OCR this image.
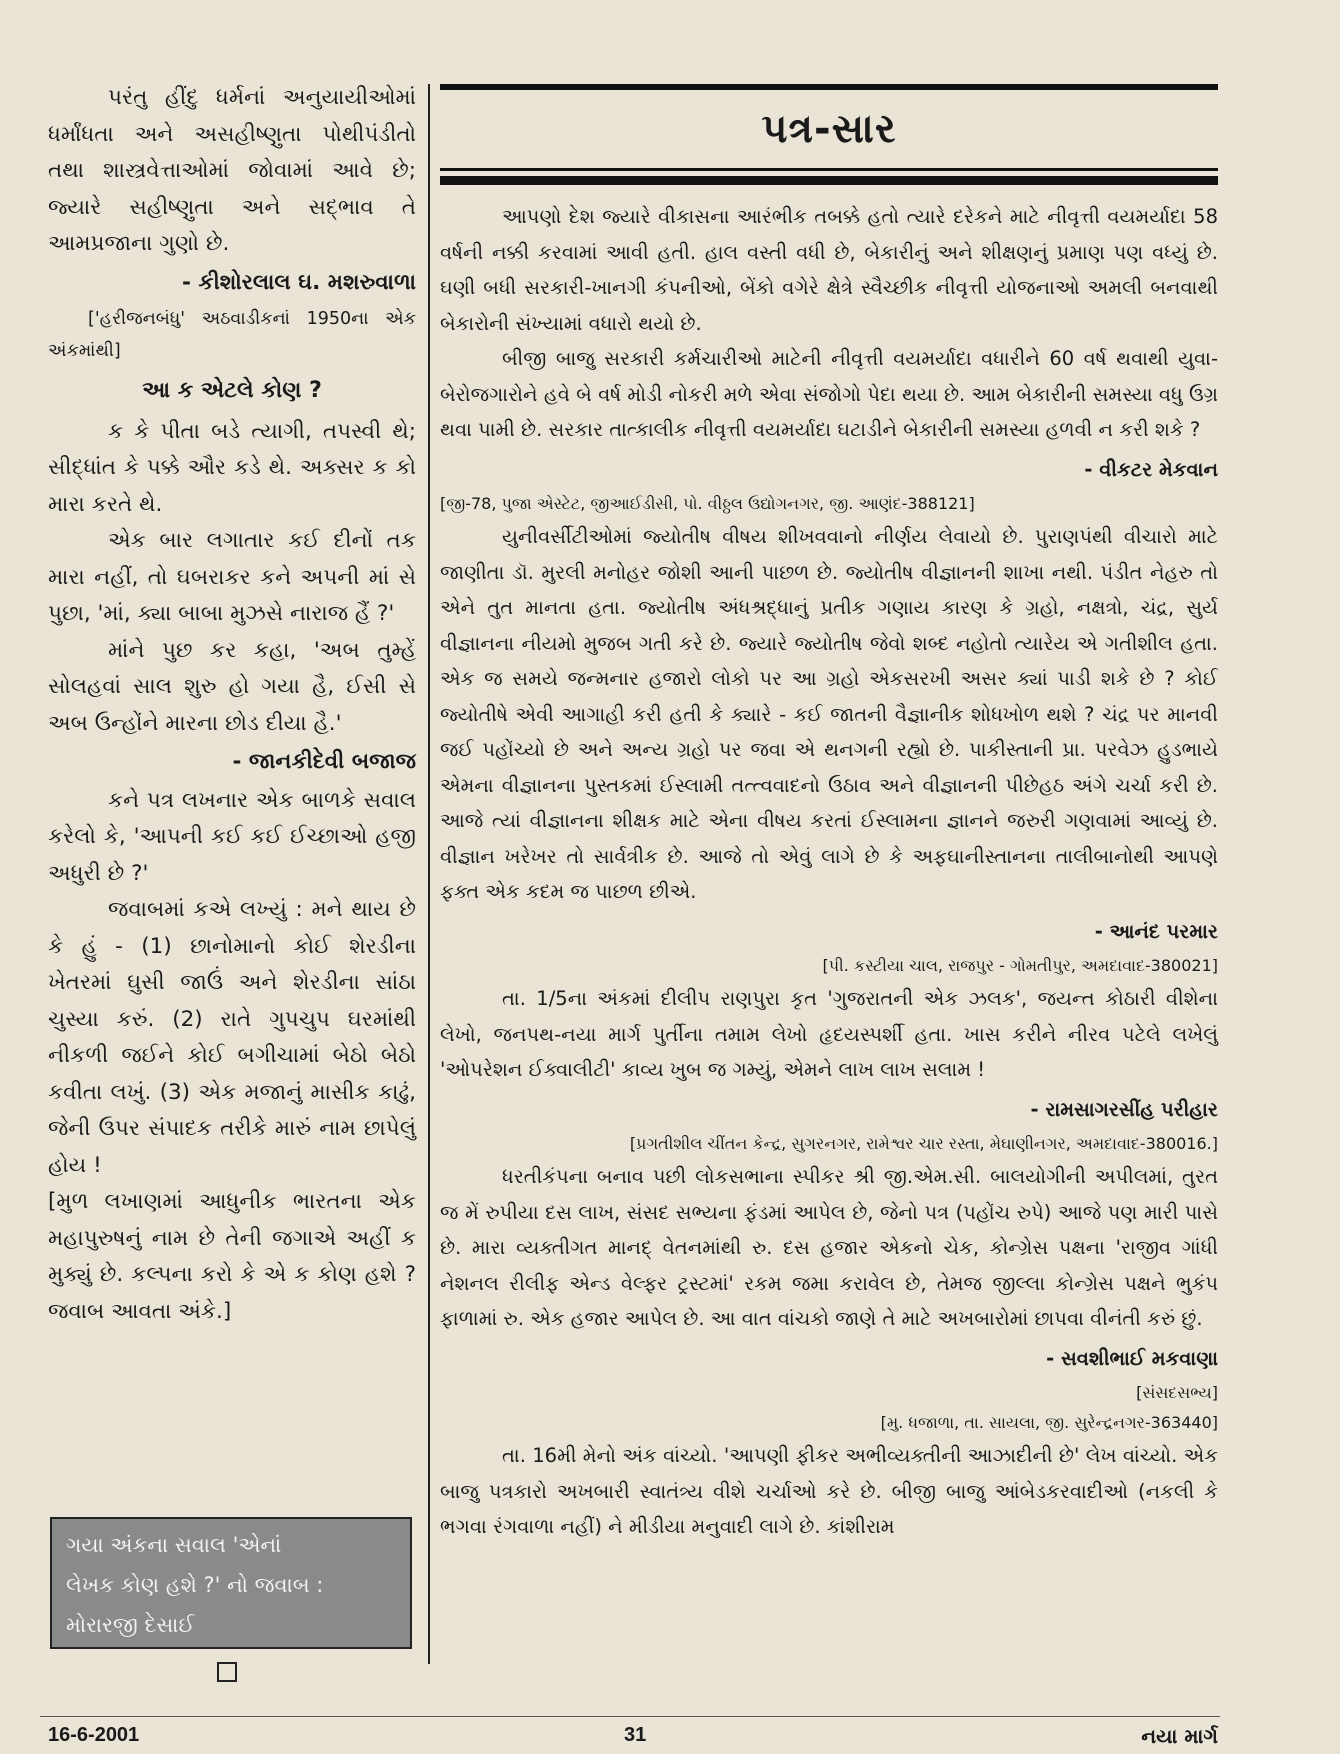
પરંતુ હીંદુ ધર્મનાં અનુયાયીઓમાં ધર્માંધતા અને અસહીષ્ણુતા પોથીપંડીતો તથા શાસ્ત્રવેત્તાઓમાં જોવામાં આવે છે; જ્યારે સહીષ્ણુતા અને સદ્ભાવ તે આમપ્રજાના ગુણો છે.

- કીશોરલાલ ઘ. મશરુવાળા

['હરીજનબંધુ' અઠવાડીકનાં 1950ના એક અંકમાંથી]

આ ક એટલે કોણ ?

ક કે પીતા બડે ત્યાગી, તપસ્વી થે; સીદ્ધાંત કે પક્કે ઔર કડે થે. અક્સર ક કો મારા કરતે થે.

એક બાર લગાતાર કઈ દીનોં તક મારા નહીં, તો ઘબરાકર કને અપની માં સે પુછા, 'માં, ક્યા બાબા મુઝસે નારાજ હૈં ?'

માંને પુછ કર કહા, 'અબ તુમ્હેં સોલહવાં સાલ શુરુ હો ગયા હૈ, ઈસી સે અબ ઉન્હોંને મારના છોડ દીયા હૈ.'

- જાનકીદેવી બજાજ

કને પત્ર લખનાર એક બાળકે સવાલ કરેલો કે, 'આપની કઈ કઈ ઈચ્છાઓ હજી અધુરી છે ?'

જવાબમાં કએ લખ્યું : મને થાય છે કે હું - (1) છાનોમાનો કોઈ શેરડીના ખેતરમાં ઘુસી જાઉં અને શેરડીના સાંઠા ચુસ્યા કરું. (2) રાતે ગુપચુપ ઘરમાંથી નીકળી જઈને કોઈ બગીચામાં બેઠો બેઠો કવીતા લખું. (3) એક મજાનું માસીક કાઢું, જેની ઉપર સંપાદક તરીકે મારું નામ છાપેલું હોય !

[મુળ લખાણમાં આધુનીક ભારતના એક મહાપુરુષનું નામ છે તેની જગાએ અહીં ક મુક્યું છે. કલ્પના કરો કે એ ક કોણ હશે ? જવાબ આવતા અંકે.]

ગયા અંકના સવાલ 'એનાં
લેખક કોણ હશે ?' નો જવાબ :
મોરારજી દેસાઈ
પત્ર-સાર

આપણો દેશ જ્યારે વીકાસના આરંભીક તબક્કે હતો ત્યારે દરેકને માટે નીવૃત્તી વયમર્યાદા 58 વર્ષની નક્કી કરવામાં આવી હતી. હાલ વસ્તી વધી છે, બેકારીનું અને શીક્ષણનું પ્રમાણ પણ વધ્યું છે. ઘણી બધી સરકારી-ખાનગી કંપનીઓ, બેંકો વગેરે ક્ષેત્રે સ્વૈચ્છીક નીવૃત્તી યોજનાઓ અમલી બનવાથી બેકારોની સંખ્યામાં વધારો થયો છે.

બીજી બાજુ સરકારી કર્મચારીઓ માટેની નીવૃત્તી વયમર્યાદા વધારીને 60 વર્ષ થવાથી યુવા-બેરોજગારોને હવે બે વર્ષ મોડી નોકરી મળે એવા સંજોગો પેદા થયા છે. આમ બેકારીની સમસ્યા વધુ ઉગ્ર થવા પામી છે. સરકાર તાત્કાલીક નીવૃત્તી વયમર્યાદા ઘટાડીને બેકારીની સમસ્યા હળવી ન કરી શકે ?

- વીકટર મેકવાન

[જી-78, પુજા એસ્ટેટ, જીઆઈડીસી, પો. વીઠ્ઠલ ઉદ્યોગનગર, જી. આણંદ-388121]

યુનીવર્સીટીઓમાં જ્યોતીષ વીષય શીખવવાનો નીર્ણય લેવાયો છે. પુરાણપંથી વીચારો માટે જાણીતા ડૉ. મુરલી મનોહર જોશી આની પાછળ છે. જ્યોતીષ વીજ્ઞાનની શાખા નથી. પંડીત નેહરુ તો એને તુત માનતા હતા. જ્યોતીષ અંધશ્રદ્ધાનું પ્રતીક ગણાય કારણ કે ગ્રહો, નક્ષત્રો, ચંદ્ર, સુર્ય વીજ્ઞાનના નીયમો મુજબ ગતી કરે છે. જ્યારે જ્યોતીષ જેવો શબ્દ નહોતો ત્યારેય એ ગતીશીલ હતા. એક જ સમયે જન્મનાર હજારો લોકો પર આ ગ્રહો એકસરખી અસર ક્યાં પાડી શકે છે ? કોઈ જ્યોતીષે એવી આગાહી કરી હતી કે ક્યારે - કઈ જાતની વૈજ્ઞાનીક શોધખોળ થશે ? ચંદ્ર પર માનવી જઈ પહોંચ્યો છે અને અન્ય ગ્રહો પર જવા એ થનગની રહ્યો છે. પાકીસ્તાની પ્રા. પરવેઝ હુડભાયે એમના વીજ્ઞાનના પુસ્તકમાં ઈસ્લામી તત્ત્વવાદનો ઉઠાવ અને વીજ્ઞાનની પીછેહઠ અંગે ચર્ચા કરી છે. આજે ત્યાં વીજ્ઞાનના શીક્ષક માટે એના વીષય કરતાં ઈસ્લામના જ્ઞાનને જરુરી ગણવામાં આવ્યું છે. વીજ્ઞાન ખરેખર તો સાર્વત્રીક છે. આજે તો એવું લાગે છે કે અફઘાનીસ્તાનના તાલીબાનોથી આપણે ફક્ત એક કદમ જ પાછળ છીએ.

- આનંદ પરમાર

[પી. કસ્ટીયા ચાલ, રાજપુર - ગોમતીપુર, અમદાવાદ-380021]

તા. 1/5ના અંકમાં દીલીપ રાણપુરા કૃત 'ગુજરાતની એક ઝલક', જયન્ત કોઠારી વીશેના લેખો, જનપથ-નયા માર્ગ પુર્તીના તમામ લેખો હૃદયસ્પર્શી હતા. ખાસ કરીને નીરવ પટેલે લખેલું 'ઓપરેશન ઈક્વાલીટી' કાવ્ય ખુબ જ ગમ્યું, એમને લાખ લાખ સલામ !

- રામસાગરસીંહ પરીહાર

[પ્રગતીશીલ ચીંતન કેન્દ્ર, સુગરનગર, રામેશ્વર ચાર રસ્તા, મેઘાણીનગર, અમદાવાદ-380016.]

ધરતીકંપના બનાવ પછી લોકસભાના સ્પીકર શ્રી જી.એમ.સી. બાલયોગીની અપીલમાં, તુરત જ મેં રુપીયા દસ લાખ, સંસદ સભ્યના ફંડમાં આપેલ છે, જેનો પત્ર (પહોંચ રુપે) આજે પણ મારી પાસે છે. મારા વ્યક્તીગત માનદ્ વેતનમાંથી રુ. દસ હજાર એકનો ચેક, કોન્ગ્રેસ પક્ષના 'રાજીવ ગાંધી નેશનલ રીલીફ એન્ડ વેલ્ફર ટ્રસ્ટમાં' રકમ જમા કરાવેલ છે, તેમજ જીલ્લા કોન્ગ્રેસ પક્ષને ભુકંપ ફાળામાં રુ. એક હજાર આપેલ છે. આ વાત વાંચકો જાણે તે માટે અખબારોમાં છાપવા વીનંતી કરું છું.

- સવશીભાઈ મકવાણા

[સંસદસભ્ય]

[મુ. ધજાળા, તા. સાયલા, જી. સુરેન્દ્રનગર-363440]

તા. 16મી મેનો અંક વાંચ્યો. 'આપણી ફીકર અભીવ્યક્તીની આઝાદીની છે' લેખ વાંચ્યો. એક બાજુ પત્રકારો અખબારી સ્વાતંત્ર્ય વીશે ચર્ચાઓ કરે છે. બીજી બાજુ આંબેડકરવાદીઓ (નકલી કે ભગવા રંગવાળા નહીં) ને મીડીયા મનુવાદી લાગે છે. કાંશીરામ

16-6-2001	31	નયા માર્ગ
